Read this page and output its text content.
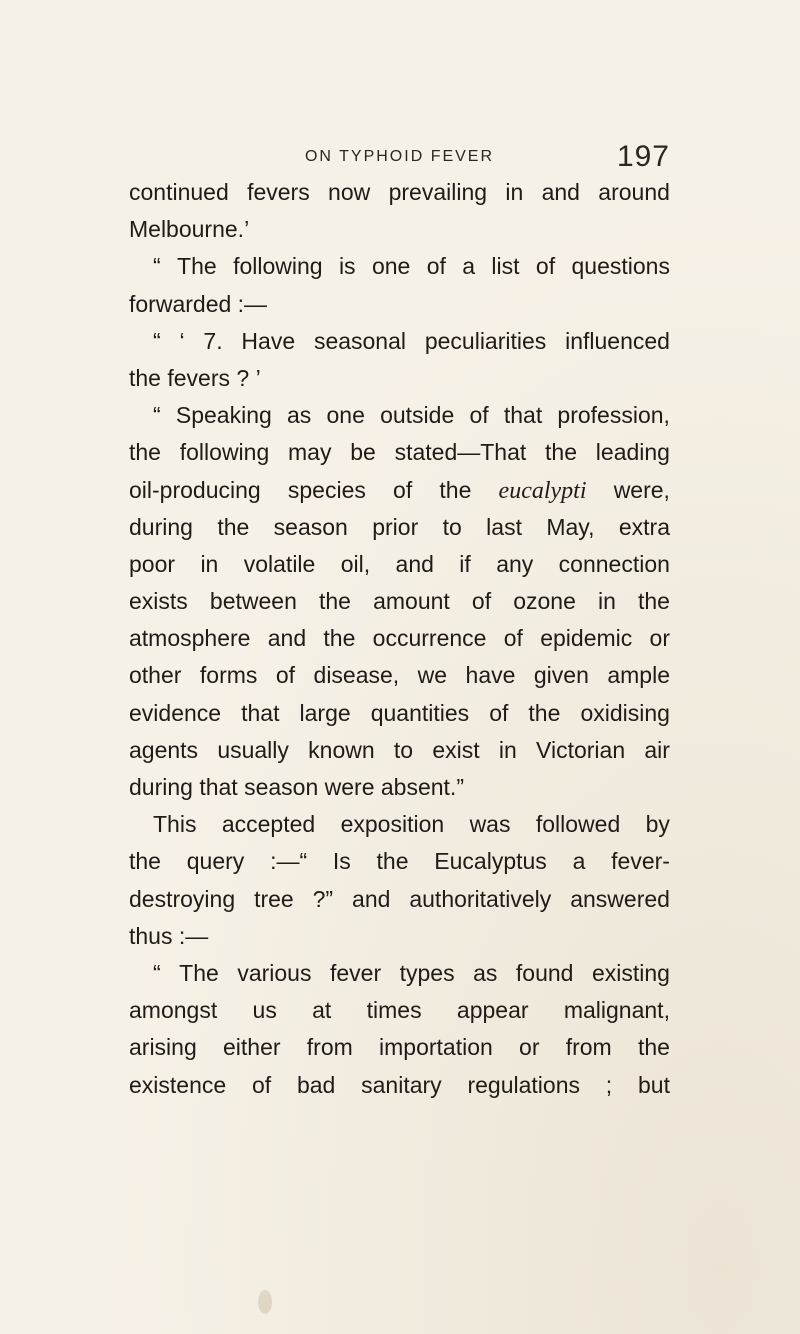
ON TYPHOID FEVER	197
continued fevers now prevailing in and around
Melbourne.’
“ The following is one of a list of questions
forwarded :—
“ ‘ 7. Have seasonal peculiarities influenced
the fevers ? ’
“ Speaking as one outside of that profession,
the following may be stated—That the leading
oil-producing species of the eucalypti were,
during the season prior to last May, extra
poor in volatile oil, and if any connection
exists between the amount of ozone in the
atmosphere and the occurrence of epidemic or
other forms of disease, we have given ample
evidence that large quantities of the oxidising
agents usually known to exist in Victorian air
during that season were absent.”
This accepted exposition was followed by
the query :—“ Is the Eucalyptus a fever-
destroying tree ?” and authoritatively answered
thus :—
“ The various fever types as found existing
amongst us at times appear malignant,
arising either from importation or from the
existence of bad sanitary regulations ; but
